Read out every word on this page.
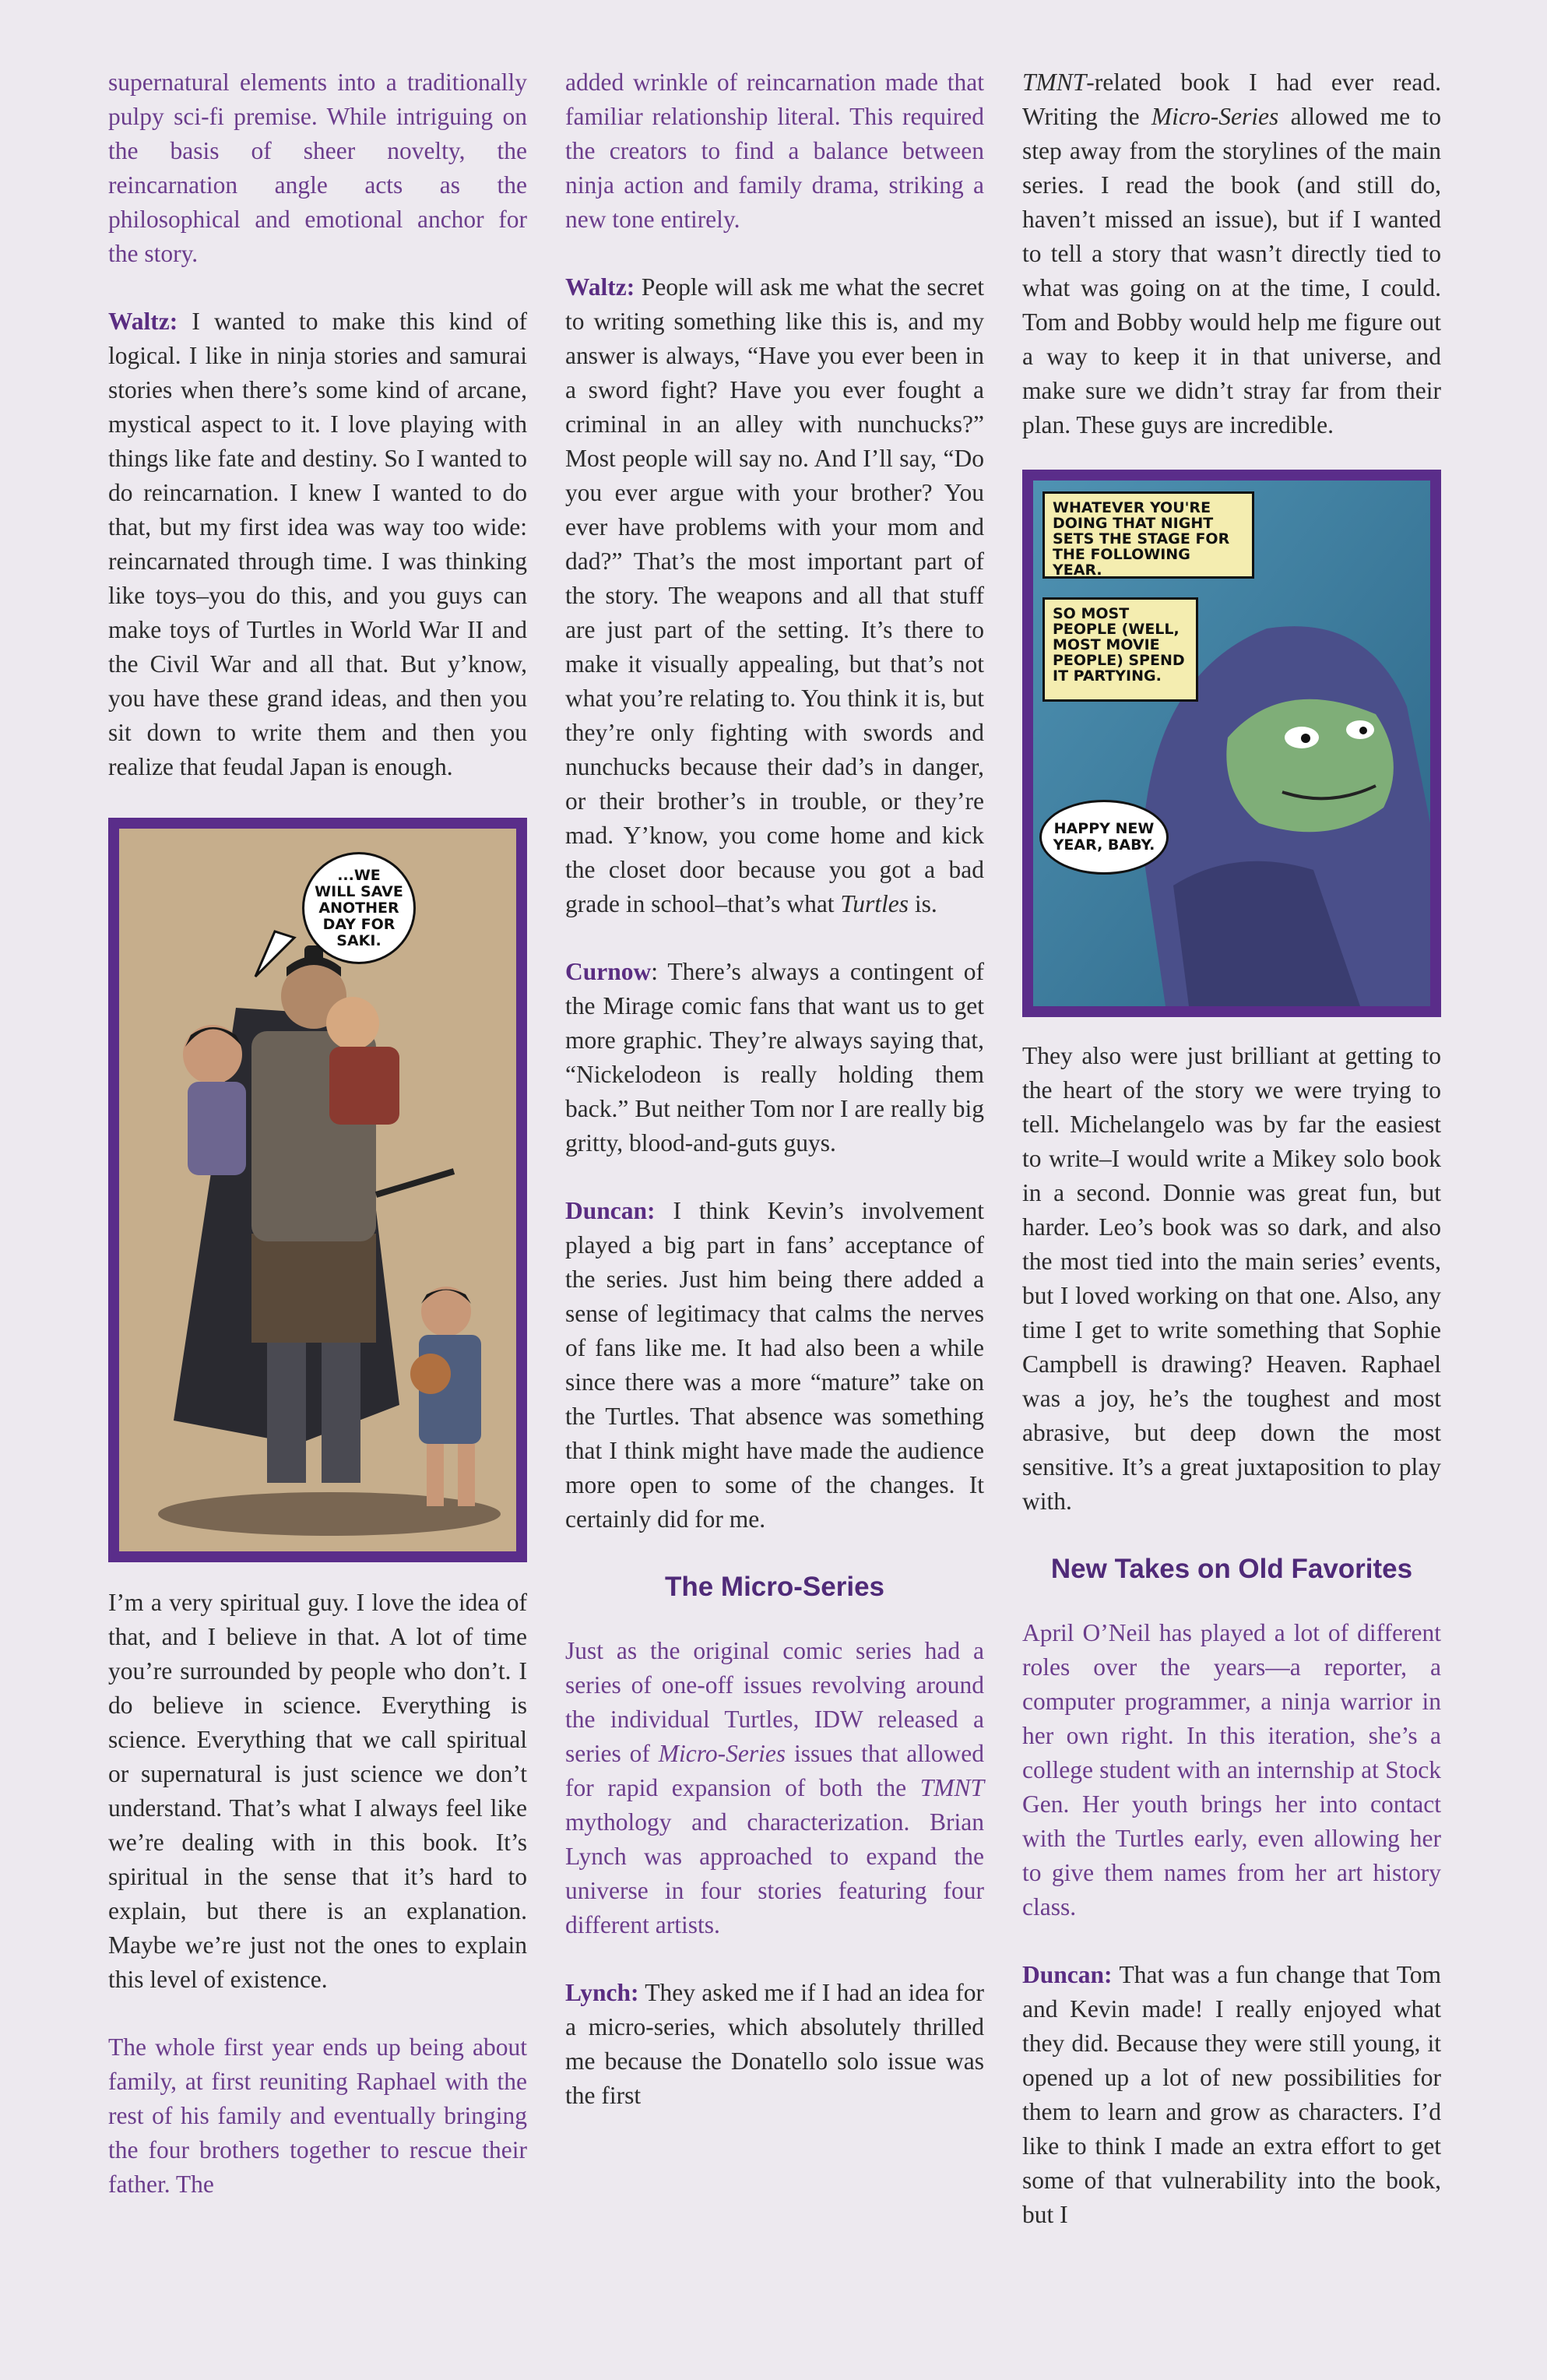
supernatural elements into a traditionally pulpy sci-fi premise. While intriguing on the basis of sheer novelty, the reincarnation angle acts as the philosophical and emotional anchor for the story.

Waltz: I wanted to make this kind of logical. I like in ninja stories and samurai stories when there’s some kind of arcane, mystical aspect to it. I love playing with things like fate and destiny. So I wanted to do reincarnation. I knew I wanted to do that, but my first idea was way too wide: reincarnated through time. I was thinking like toys–you do this, and you guys can make toys of Turtles in World War II and the Civil War and all that. But y’know, you have these grand ideas, and then you sit down to write them and then you realize that feudal Japan is enough.

...WE
WILL SAVE
ANOTHER
DAY FOR
SAKI.

I’m a very spiritual guy. I love the idea of that, and I believe in that. A lot of time you’re surrounded by people who don’t. I do believe in science. Everything is science. Everything that we call spiritual or supernatural is just science we don’t understand. That’s what I always feel like we’re dealing with in this book. It’s spiritual in the sense that it’s hard to explain, but there is an explanation. Maybe we’re just not the ones to explain this level of existence.

The whole first year ends up being about family, at first reuniting Raphael with the rest of his family and eventually bringing the four brothers together to rescue their father. The

added wrinkle of reincarnation made that familiar relationship literal. This required the creators to find a balance between ninja action and family drama, striking a new tone entirely.

Waltz: People will ask me what the secret to writing something like this is, and my answer is always, “Have you ever been in a sword fight? Have you ever fought a criminal in an alley with nunchucks?” Most people will say no. And I’ll say, “Do you ever argue with your brother? You ever have problems with your mom and dad?” That’s the most important part of the story. The weapons and all that stuff are just part of the setting. It’s there to make it visually appealing, but that’s not what you’re relating to. You think it is, but they’re only fighting with swords and nunchucks because their dad’s in danger, or their brother’s in trouble, or they’re mad. Y’know, you come home and kick the closet door because you got a bad grade in school–that’s what Turtles is.

Curnow: There’s always a contingent of the Mirage comic fans that want us to get more graphic. They’re always saying that, “Nickelodeon is really holding them back.” But neither Tom nor I are really big gritty, blood-and-guts guys.

Duncan: I think Kevin’s involvement played a big part in fans’ acceptance of the series. Just him being there added a sense of legitimacy that calms the nerves of fans like me. It had also been a while since there was a more “mature” take on the Turtles. That absence was something that I think might have made the audience more open to some of the changes. It certainly did for me.

The Micro-Series

Just as the original comic series had a series of one-off issues revolving around the individual Turtles, IDW released a series of Micro-Series issues that allowed for rapid expansion of both the TMNT mythology and characterization. Brian Lynch was approached to expand the universe in four stories featuring four different artists.

Lynch: They asked me if I had an idea for a micro-series, which absolutely thrilled me because the Donatello solo issue was the first

TMNT-related book I had ever read. Writing the Micro-Series allowed me to step away from the storylines of the main series. I read the book (and still do, haven’t missed an issue), but if I wanted to tell a story that wasn’t directly tied to what was going on at the time, I could. Tom and Bobby would help me figure out a way to keep it in that universe, and make sure we didn’t stray far from their plan. These guys are incredible.

WHATEVER YOU'RE
DOING THAT NIGHT
SETS THE STAGE FOR
THE FOLLOWING YEAR.
SO MOST
PEOPLE (WELL,
MOST MOVIE
PEOPLE) SPEND
IT PARTYING.
HAPPY NEW
YEAR, BABY.

They also were just brilliant at getting to the heart of the story we were trying to tell. Michelangelo was by far the easiest to write–I would write a Mikey solo book in a second. Donnie was great fun, but harder. Leo’s book was so dark, and also the most tied into the main series’ events, but I loved working on that one. Also, any time I get to write something that Sophie Campbell is drawing? Heaven. Raphael was a joy, he’s the toughest and most abrasive, but deep down the most sensitive. It’s a great juxtaposition to play with.

New Takes on Old Favorites

April O’Neil has played a lot of different roles over the years—a reporter, a computer programmer, a ninja warrior in her own right. In this iteration, she’s a college student with an internship at Stock Gen. Her youth brings her into contact with the Turtles early, even allowing her to give them names from her art history class.

Duncan: That was a fun change that Tom and Kevin made! I really enjoyed what they did. Because they were still young, it opened up a lot of new possibilities for them to learn and grow as characters. I’d like to think I made an extra effort to get some of that vulnerability into the book, but I
